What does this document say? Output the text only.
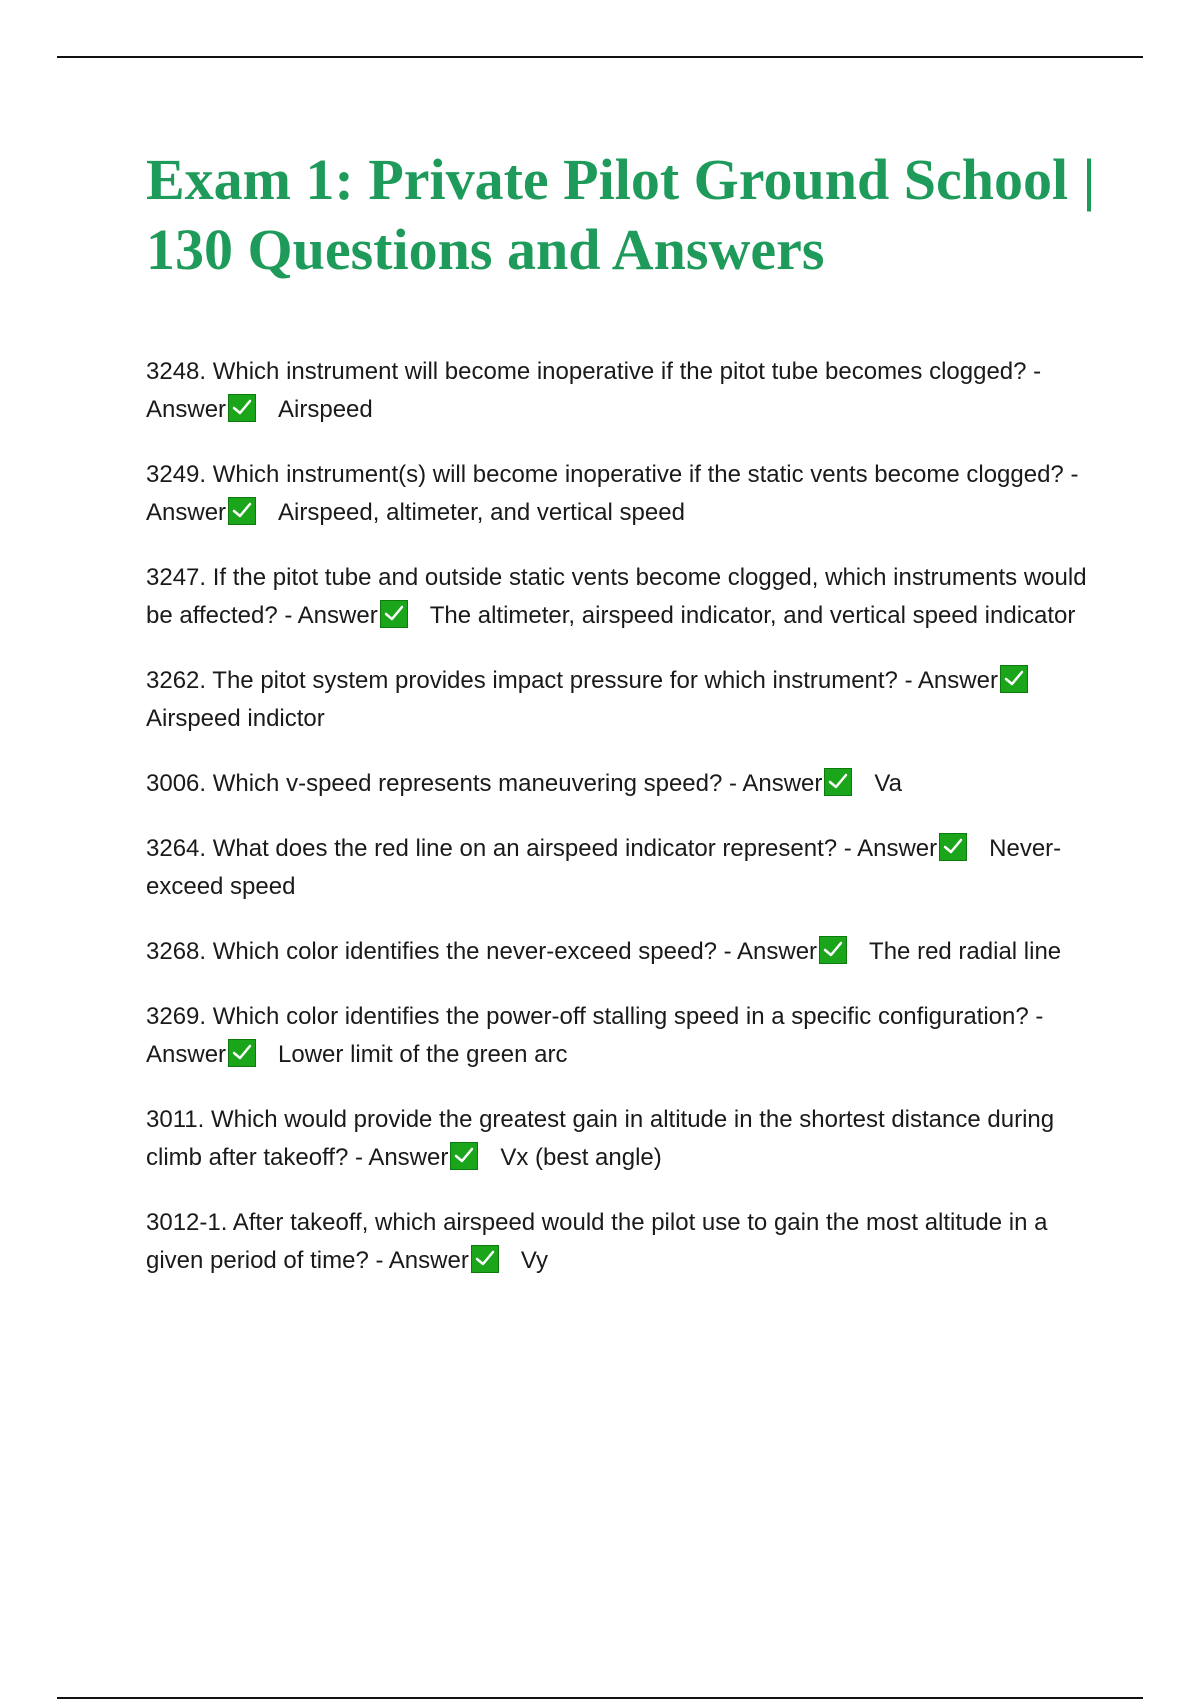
Exam 1: Private Pilot Ground School | 130 Questions and Answers
3248. Which instrument will become inoperative if the pitot tube becomes clogged? - Answer Airspeed
3249. Which instrument(s) will become inoperative if the static vents become clogged? - Answer Airspeed, altimeter, and vertical speed
3247. If the pitot tube and outside static vents become clogged, which instruments would be affected? - Answer The altimeter, airspeed indicator, and vertical speed indicator
3262. The pitot system provides impact pressure for which instrument? - Answer
Airspeed indictor
3006. Which v-speed represents maneuvering speed? - Answer Va
3264. What does the red line on an airspeed indicator represent? - Answer Never-exceed speed
3268. Which color identifies the never-exceed speed? - Answer The red radial line
3269. Which color identifies the power-off stalling speed in a specific configuration? - Answer Lower limit of the green arc
3011. Which would provide the greatest gain in altitude in the shortest distance during climb after takeoff? - Answer Vx (best angle)
3012-1. After takeoff, which airspeed would the pilot use to gain the most altitude in a given period of time? - Answer Vy
